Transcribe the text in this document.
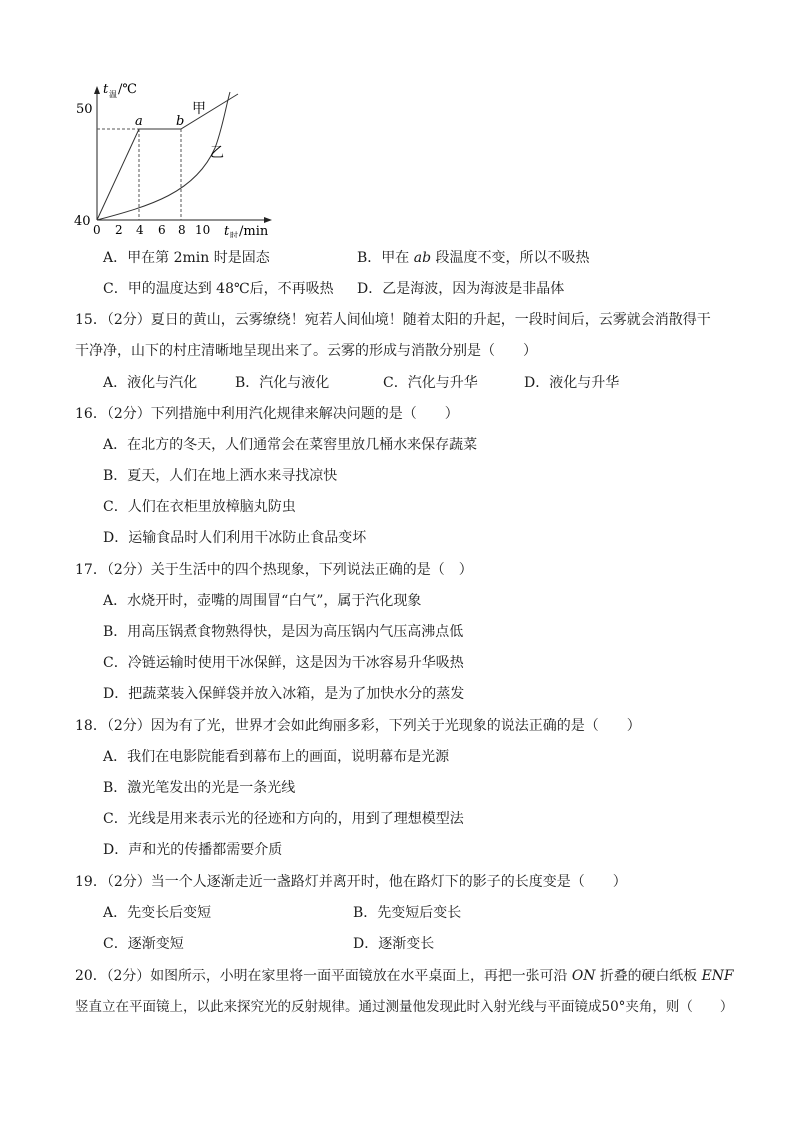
t 温 /℃
50
40
0 2 4 6 8 10 t 时 /min
a	b
甲
乙
A．甲在第 2min 时是固态	B．甲在 ab 段温度不变，所以不吸热
C．甲的温度达到 48℃后，不再吸热 D．乙是海波，因为海波是非晶体
15．（2分）夏日的黄山，云雾缭绕！宛若人间仙境！随着太阳的升起，一段时间后，云雾就会消散得干
干净净，山下的村庄清晰地呈现出来了。云雾的形成与消散分别是（　　）
A．液化与汽化	B．汽化与液化	C．汽化与升华	D．液化与升华
16．（2分）下列措施中利用汽化规律来解决问题的是（　　）
A．在北方的冬天，人们通常会在菜窖里放几桶水来保存蔬菜
B．夏天，人们在地上洒水来寻找凉快
C．人们在衣柜里放樟脑丸防虫
D．运输食品时人们利用干冰防止食品变坏
17．（2分）关于生活中的四个热现象，下列说法正确的是（　）
A．水烧开时，壶嘴的周围冒“白气”，属于汽化现象
B．用高压锅煮食物熟得快，是因为高压锅内气压高沸点低
C．冷链运输时使用干冰保鲜，这是因为干冰容易升华吸热
D．把蔬菜装入保鲜袋并放入冰箱，是为了加快水分的蒸发
18．（2分）因为有了光，世界才会如此绚丽多彩，下列关于光现象的说法正确的是（　　）
A．我们在电影院能看到幕布上的画面，说明幕布是光源
B．激光笔发出的光是一条光线
C．光线是用来表示光的径迹和方向的，用到了理想模型法
D．声和光的传播都需要介质
19．（2分）当一个人逐渐走近一盏路灯并离开时，他在路灯下的影子的长度变是（　　）
A．先变长后变短	B．先变短后变长
C．逐渐变短	D．逐渐变长
20．（2分）如图所示，小明在家里将一面平面镜放在水平桌面上，再把一张可沿 ON 折叠的硬白纸板 ENF
竖直立在平面镜上，以此来探究光的反射规律。通过测量他发现此时入射光线与平面镜成50°夹角，则（　　）
